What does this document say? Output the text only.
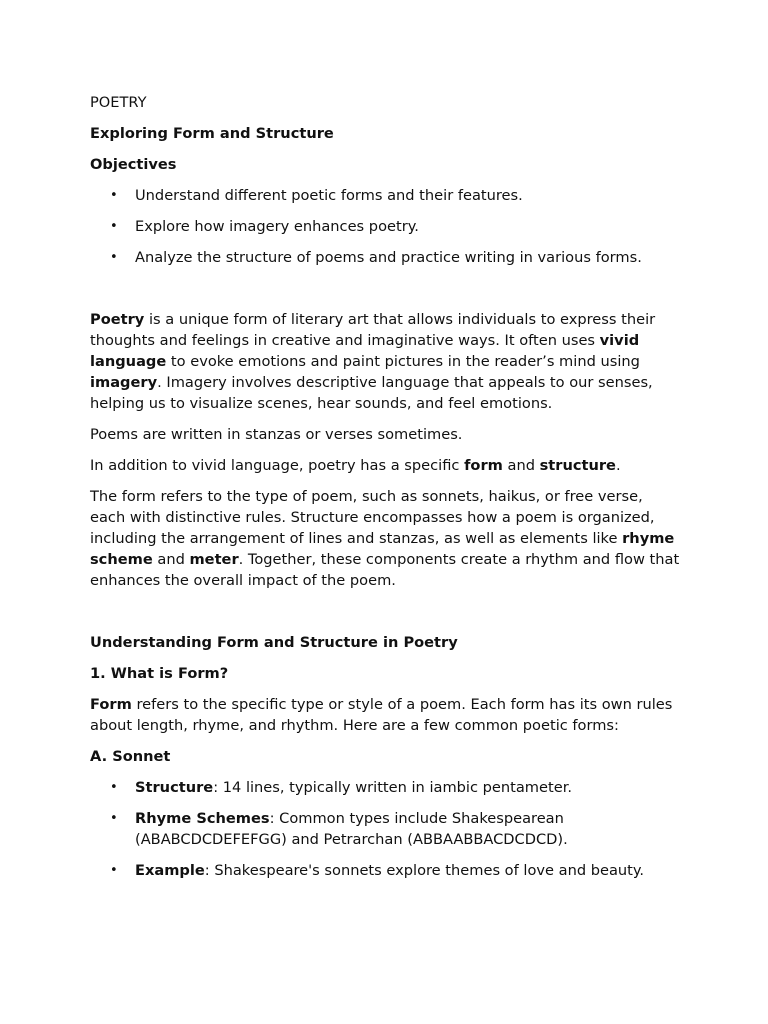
POETRY

Exploring Form and Structure

Objectives

• Understand different poetic forms and their features.
• Explore how imagery enhances poetry.
• Analyze the structure of poems and practice writing in various forms.

Poetry is a unique form of literary art that allows individuals to express their thoughts and feelings in creative and imaginative ways. It often uses vivid language to evoke emotions and paint pictures in the reader’s mind using imagery. Imagery involves descriptive language that appeals to our senses, helping us to visualize scenes, hear sounds, and feel emotions.

Poems are written in stanzas or verses sometimes.

In addition to vivid language, poetry has a specific form and structure.

The form refers to the type of poem, such as sonnets, haikus, or free verse, each with distinctive rules. Structure encompasses how a poem is organized, including the arrangement of lines and stanzas, as well as elements like rhyme scheme and meter. Together, these components create a rhythm and flow that enhances the overall impact of the poem.

Understanding Form and Structure in Poetry

1. What is Form?

Form refers to the specific type or style of a poem. Each form has its own rules about length, rhyme, and rhythm. Here are a few common poetic forms:

A. Sonnet

• Structure: 14 lines, typically written in iambic pentameter.
• Rhyme Schemes: Common types include Shakespearean (ABABCDCDEFEFGG) and Petrarchan (ABBAABBACDCDCD).
• Example: Shakespeare's sonnets explore themes of love and beauty.
